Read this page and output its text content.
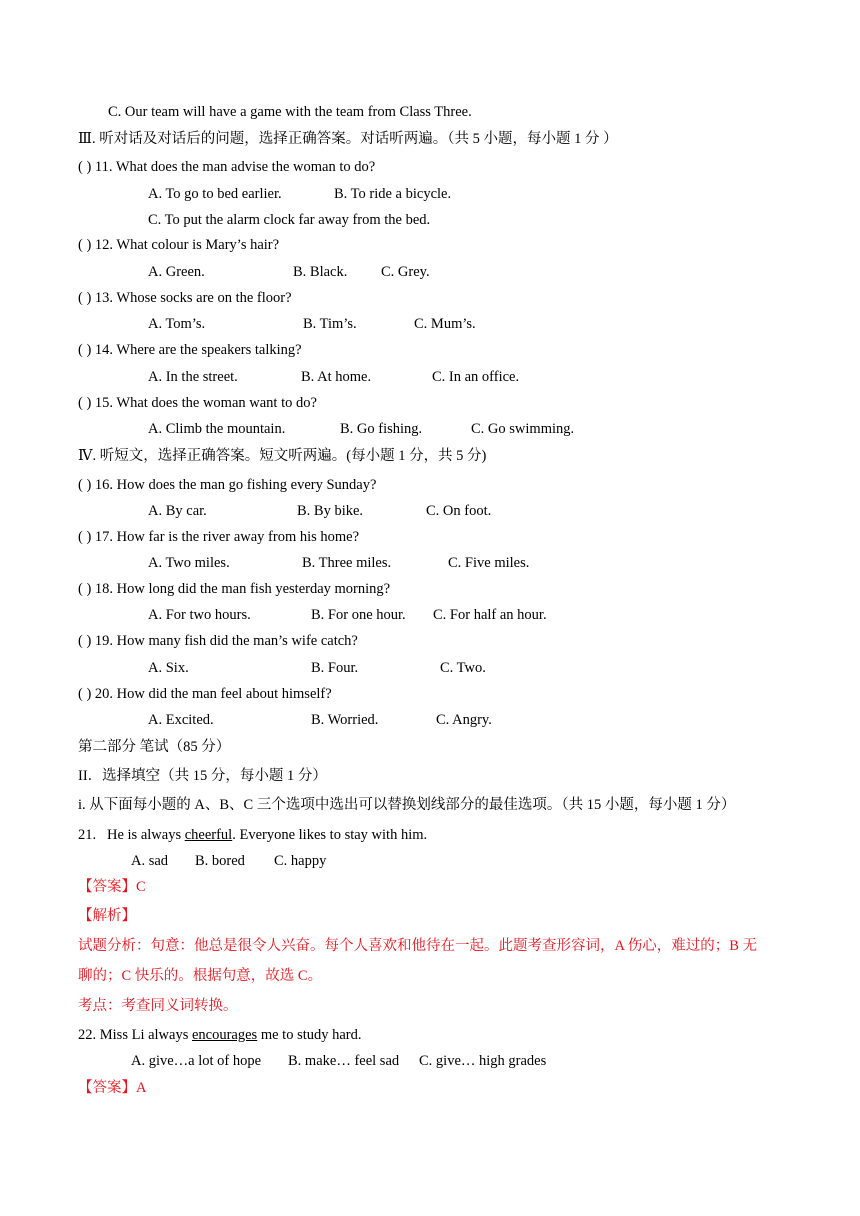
C. Our team will have a game with the team from Class Three.
Ⅲ. 听对话及对话后的问题，选择正确答案。对话听两遍。（共 5 小题，每小题 1 分 ）
( ) 11. What does the man advise the woman to do?
A. To go to bed earlier.	B. To ride a bicycle.
C. To put the alarm clock far away from the bed.
( ) 12. What colour is Mary’s hair?
A. Green.	B. Black. C. Grey.
( ) 13. Whose socks are on the floor?
A. Tom’s.	B. Tim’s.	C. Mum’s.
( ) 14. Where are the speakers talking?
A. In the street.	B. At home.	C. In an office.
( ) 15. What does the woman want to do?
A. Climb the mountain.	B. Go fishing.	C. Go swimming.
Ⅳ. 听短文，选择正确答案。短文听两遍。(每小题 1 分，共 5 分)
( ) 16. How does the man go fishing every Sunday?
A. By car.	B. By bike.	C. On foot.
( ) 17. How far is the river away from his home?
A. Two miles.	B. Three miles.	C. Five miles.
( ) 18. How long did the man fish yesterday morning?
A. For two hours.	B. For one hour. C. For half an hour.
( ) 19. How many fish did the man’s wife catch?
A. Six.	B. Four.	C. Two.
( ) 20. How did the man feel about himself?
A. Excited.	B. Worried.	C. Angry.
第二部分 笔试（85 分）
II．选择填空（共 15 分，每小题 1 分）
i. 从下面每小题的 A、B、C 三个选项中选出可以替换划线部分的最佳选项。（共 15 小题，每小题 1 分）
21.   He is always cheerful. Everyone likes to stay with him.
A. sad B. bored C. happy
【答案】C
【解析】
试题分析：句意：他总是很令人兴奋。每个人喜欢和他待在一起。此题考查形容词，A 伤心，难过的；B 无
聊的；C 快乐的。根据句意，故选 C。
考点：考查同义词转换。
22. Miss Li always encourages me to study hard.
A. give…a lot of hope B. make… feel sad C. give… high grades
【答案】A
